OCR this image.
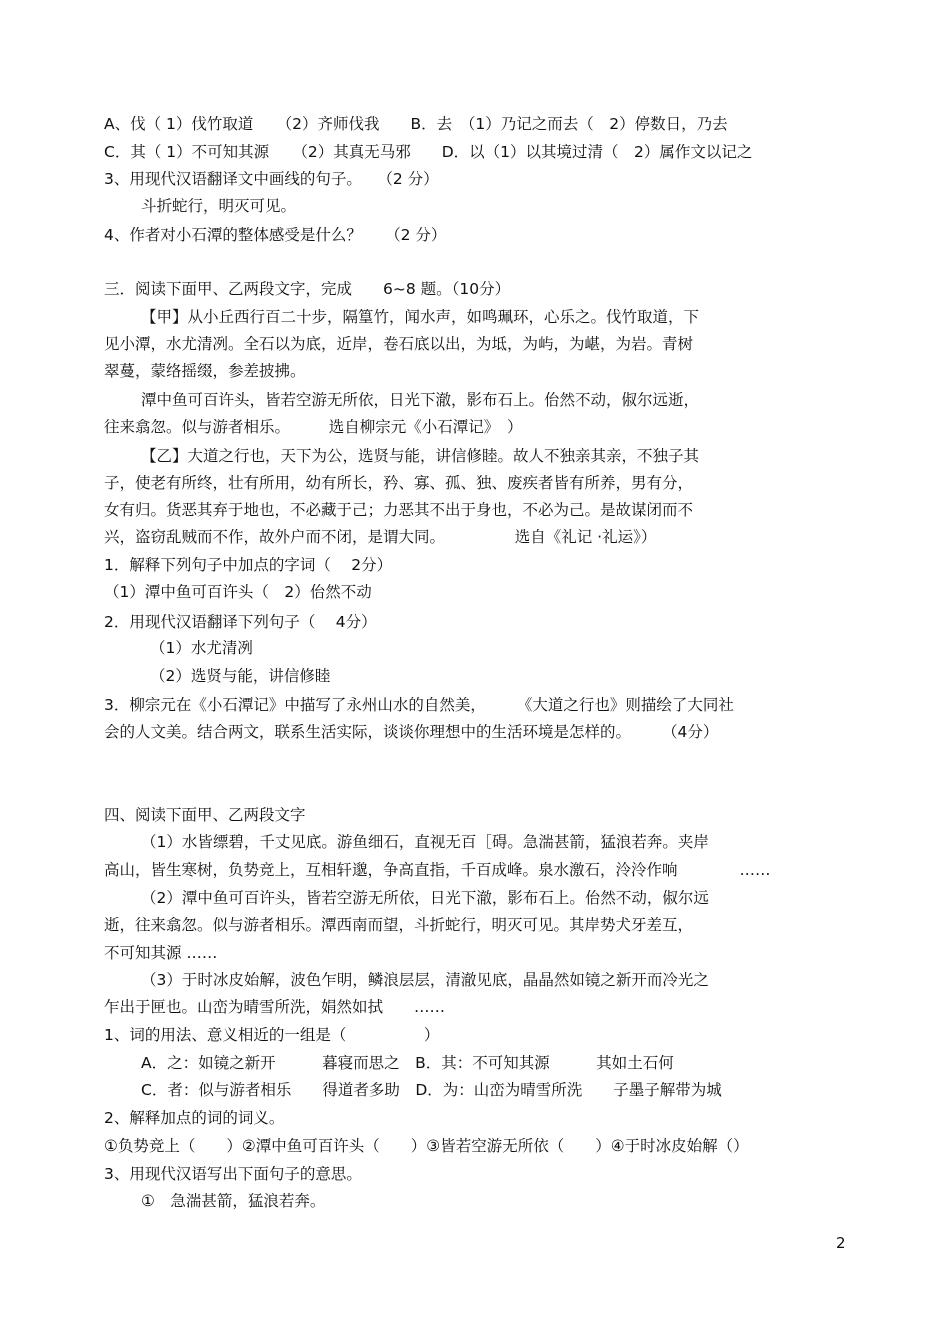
A、伐（ 1）伐竹取道　　（2）齐师伐我　　B．去　（1）乃记之而去（　2）停数日，乃去
C．其（ 1）不可知其源　　（2）其真无马邪　　D．以（1）以其境过清（　2）属作文以记之
3、用现代汉语翻译文中画线的句子。　　（2 分）
斗折蛇行，明灭可见。
4、作者对小石潭的整体感受是什么？　　（2 分）
三．阅读下面甲、乙两段文字，完成　　6~8 题。（10分）
【甲】从小丘西行百二十步，隔篁竹，闻水声，如鸣珮环，心乐之。伐竹取道，下
见小潭，水尤清冽。全石以为底，近岸，卷石底以出，为坻，为屿，为嵁，为岩。青树
翠蔓，蒙络摇缀，参差披拂。
潭中鱼可百许头，皆若空游无所依，日光下澈，影布石上。佁然不动，俶尔远逝，
往来翕忽。似与游者相乐。　　　选自柳宗元《小石潭记》　）
【乙】大道之行也，天下为公，选贤与能，讲信修睦。故人不独亲其亲，不独子其
子，使老有所终，壮有所用，幼有所长，矜、寡、孤、独、废疾者皆有所养，男有分，
女有归。货恶其弃于地也，不必藏于己；力恶其不出于身也，不必为己。是故谋闭而不
兴，盗窃乱贼而不作，故外户而不闭，是谓大同。　　　　　选自《礼记 ·礼运》）
1．解释下列句子中加点的字词（　 2分）
（1）潭中鱼可百许头（　2）佁然不动
2．用现代汉语翻译下列句子（　 4分）
（1）水尤清冽
（2）选贤与能，讲信修睦
3．柳宗元在《小石潭记》中描写了永州山水的自然美，　　　《大道之行也》则描绘了大同社
会的人文美。结合两文，联系生活实际，谈谈你理想中的生活环境是怎样的。　　　（4分）
四、阅读下面甲、乙两段文字
（1）水皆缥碧，千丈见底。游鱼细石，直视无百［碍。急湍甚箭，猛浪若奔。夹岸
高山，皆生寒树，负势竞上，互相轩邈，争高直指，千百成峰。泉水激石，泠泠作响　　　　……
（2）潭中鱼可百许头，皆若空游无所依，日光下澈，影布石上。佁然不动，俶尔远
逝，往来翕忽。似与游者相乐。潭西南而望，斗折蛇行，明灭可见。其岸势犬牙差互，
不可知其源 ……
（3）于时冰皮始解，波色乍明，鳞浪层层，清澈见底，晶晶然如镜之新开而冷光之
乍出于匣也。山峦为晴雪所洗，娟然如拭　　……
1、词的用法、意义相近的一组是（　　　　　）
A．之：如镜之新开　　　暮寝而思之　B．其：不可知其源　　　其如土石何
C．者：似与游者相乐　　得道者多助　D．为：山峦为晴雪所洗　　子墨子解带为城
2、解释加点的词的词义。
①负势竞上（　　）②潭中鱼可百许头（　　）③皆若空游无所依（　　）④于时冰皮始解（）
3、用现代汉语写出下面句子的意思。
①　急湍甚箭，猛浪若奔。
2
